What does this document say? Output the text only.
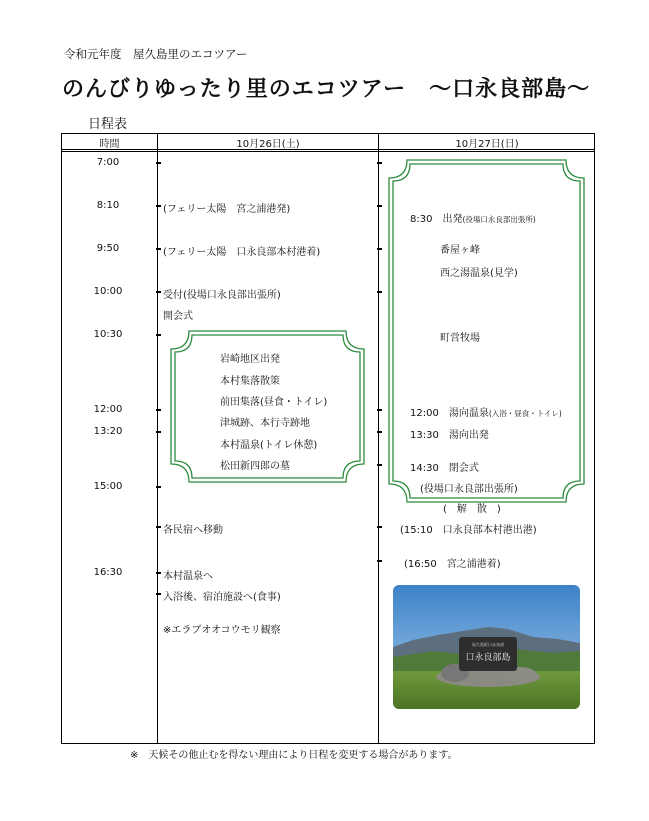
令和元年度　屋久島里のエコツアー
のんびりゆったり里のエコツアー　～口永良部島～
日程表
時間	10月26日(土)	10月27日(日)
7:00
8:10
9:50
10:00
10:30
12:00
13:20
15:00
16:30
(フェリー太陽　宮之浦港発)
(フェリー太陽　口永良部本村港着)
受付(役場口永良部出張所)
開会式
各民宿へ移動
本村温泉へ
入浴後、宿泊施設へ(食事)
※エラブオオコウモリ観察
岩崎地区出発
本村集落散策
前田集落(昼食・トイレ)
津城跡、本行寺跡地
本村温泉(トイレ休憩)
松田新四郎の墓
8:30　出発(役場口永良部出張所)
番屋ヶ峰
西之湯温泉(見学)
町営牧場
12:00　湯向温泉(入浴・昼食・トイレ)
13:30　湯向出発
14:30　閉会式
(役場口永良部出張所)
(　解　散　)
(15:10　口永良部本村港出港)
(16:50　宮之浦港着)
屋久島町口永良部
口永良部島
※　天候その他止むを得ない理由により日程を変更する場合があります。
